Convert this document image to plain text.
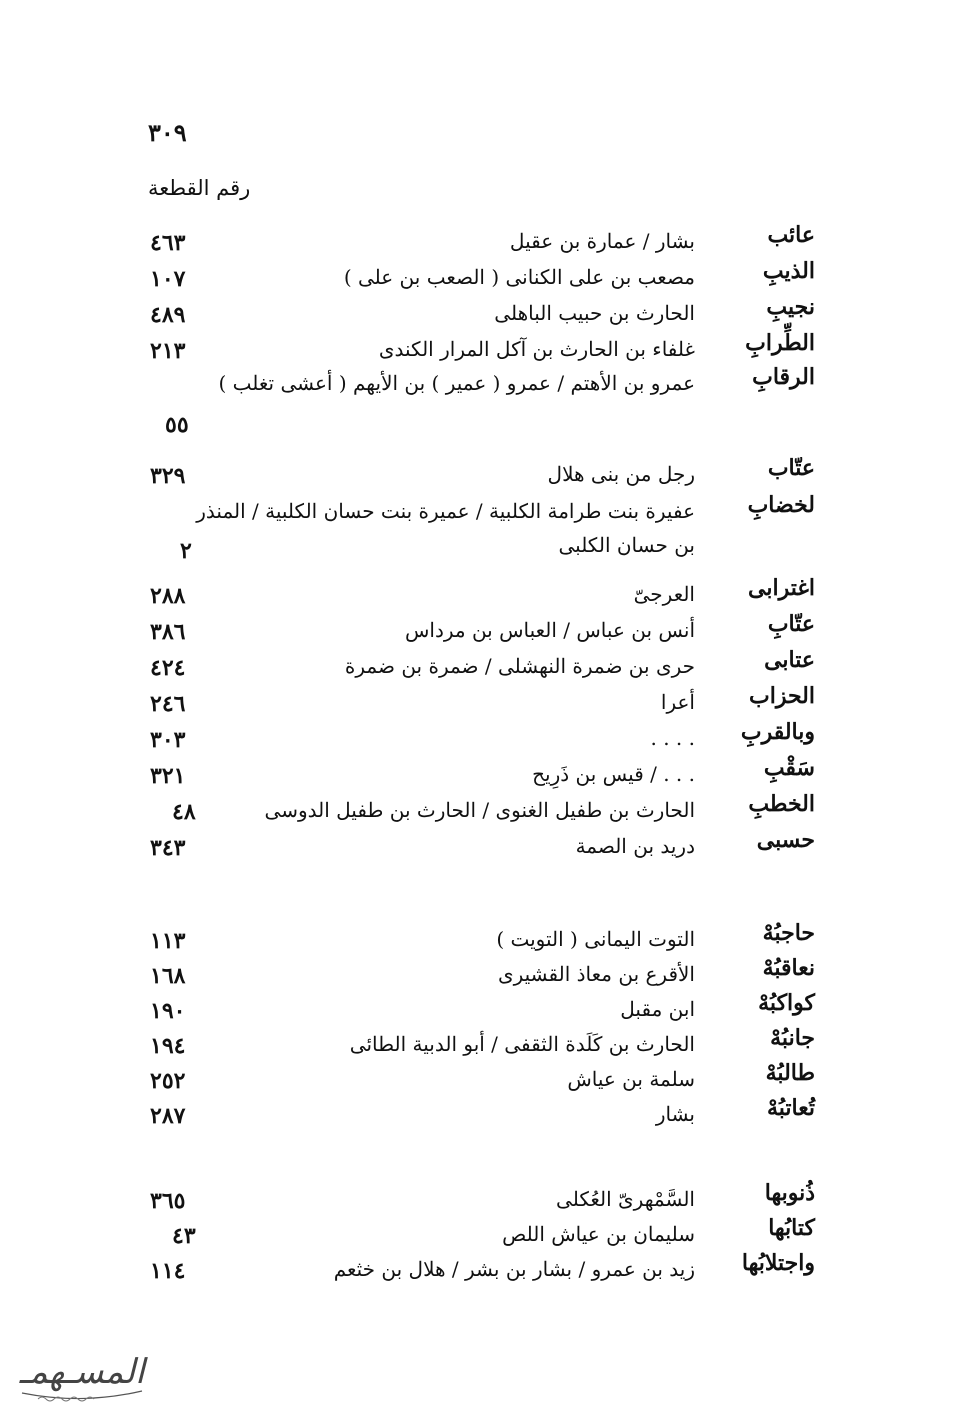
٣٠٩
رقم القطعة
عائب
بشار / عمارة بن عقيل
٤٦٣
الذيبِ
مصعب بن على الكنانى ( الصعب بن على )
١٠٧
نجيبِ
الحارث بن حبيب الباهلى
٤٨٩
الطِّرابِ
غلفاء بن الحارث بن آكل المرار الكندى
٢١٣
الرقابِ
عمرو بن الأهتم / عمرو ( عمير ) بن الأيهم ( أعشى تغلب )
٥٥
عتّاب
رجل من بنى هلال
٣٢٩
لخضابِ
عفيرة بنت طرامة الكلبية / عميرة بنت حسان الكلبية / المنذر بن حسان الكلبى
٢
اغترابى
العرجىّ
٢٨٨
عتّابِ
أنس بن عباس / العباس بن مرداس
٣٨٦
عتابى
حرى بن ضمرة النهشلى / ضمرة بن ضمرة
٤٢٤
الحزاب
أعرا
٢٤٦
وبالقربِ
. . . .
٣٠٣
سَقْبِ
. . . / قيس بن ذَرِيح
٣٢١
الخطبِ
الحارث بن طفيل الغنوى / الحارث بن طفيل الدوسى
٤٨
حسبى
دريد بن الصمة
٣٤٣
حاجبُهْ
التوت اليمانى ( التويت )
١١٣
نعاقبُهْ
الأقرع بن معاذ القشيرى
١٦٨
كواكبُهْ
ابن مقبل
١٩٠
جانبُهْ
الحارث بن كَلَدة الثقفى / أبو الدبية الطائى
١٩٤
طالبُهْ
سلمة بن عياش
٢٥٢
تُعاتبُهْ
بشار
٢٨٧
ذُنوبها
السَّمْهرىّ العُكلى
٣٦٥
كتابُها
سليمان بن عياش اللص
٤٣
واجتلابُها
زيد بن عمرو / بشار بن بشر / هلال بن خثعم
١١٤
المسـهمـ
